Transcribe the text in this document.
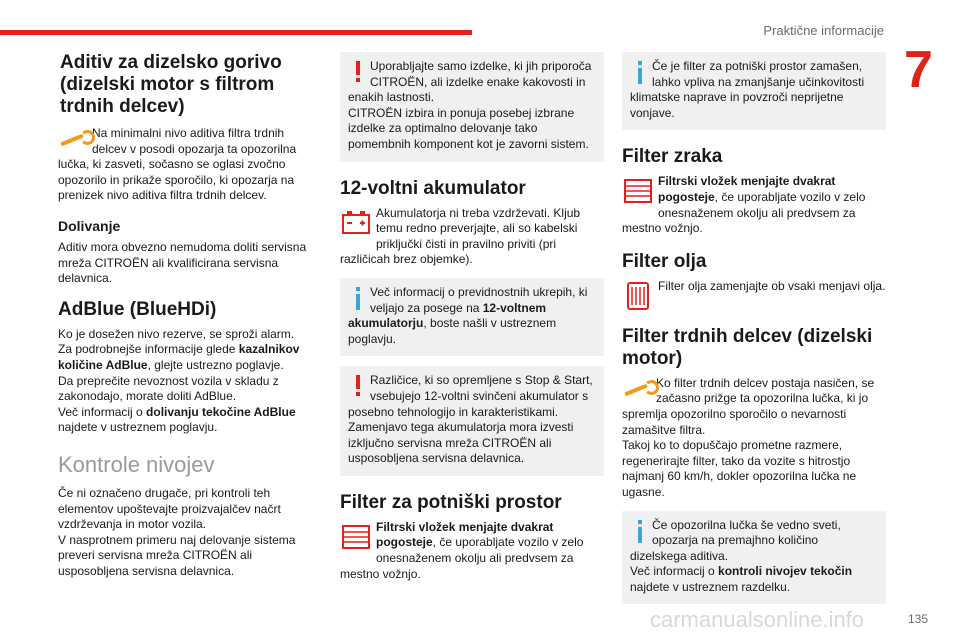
Praktične informacije
7
Aditiv za dizelsko gorivo (dizelski motor s filtrom trdnih delcev)

Na minimalni nivo aditiva filtra trdnih delcev v posodi opozarja ta opozorilna lučka, ki zasveti, sočasno se oglasi zvočno opozorilo in prikaže sporočilo, ki opozarja na prenizek nivo aditiva filtra trdnih delcev.

Dolivanje

Aditiv mora obvezno nemudoma doliti servisna mreža CITROËN ali kvalificirana servisna delavnica.

AdBlue (BlueHDi)

Ko je dosežen nivo rezerve, se sproži alarm.

Za podrobnejše informacije glede kazalnikov količine AdBlue, glejte ustrezno poglavje.

Da preprečite nevoznost vozila v skladu z zakonodajo, morate doliti AdBlue.

Več informacij o dolivanju tekočine AdBlue najdete v ustreznem poglavju.

Kontrole nivojev

Če ni označeno drugače, pri kontroli teh elementov upoštevajte proizvajalčev načrt vzdrževanja in motor vozila.

V nasprotnem primeru naj delovanje sistema preveri servisna mreža CITROËN ali usposobljena servisna delavnica.

Uporabljajte samo izdelke, ki jih priporoča CITROËN, ali izdelke enake kakovosti in enakih lastnosti.

CITROËN izbira in ponuja posebej izbrane izdelke za optimalno delovanje tako pomembnih komponent kot je zavorni sistem.

12-voltni akumulator

Akumulatorja ni treba vzdrževati. Kljub temu redno preverjajte, ali so kabelski priključki čisti in pravilno priviti (pri različicah brez objemke).

Več informacij o previdnostnih ukrepih, ki veljajo za posege na 12-voltnem akumulatorju, boste našli v ustreznem poglavju.

Različice, ki so opremljene s Stop & Start, vsebujejo 12-voltni svinčeni akumulator s posebno tehnologijo in karakteristikami.

Zamenjavo tega akumulatorja mora izvesti izključno servisna mreža CITROËN ali usposobljena servisna delavnica.

Filter za potniški prostor

Filtrski vložek menjajte dvakrat pogosteje, če uporabljate vozilo v zelo onesnaženem okolju ali predvsem za mestno vožnjo.

Če je filter za potniški prostor zamašen, lahko vpliva na zmanjšanje učinkovitosti klimatske naprave in povzroči neprijetne vonjave.

Filter zraka

Filtrski vložek menjajte dvakrat pogosteje, če uporabljate vozilo v zelo onesnaženem okolju ali predvsem za mestno vožnjo.

Filter olja

Filter olja zamenjajte ob vsaki menjavi olja.

Filter trdnih delcev (dizelski motor)

Ko filter trdnih delcev postaja nasičen, se začasno prižge ta opozorilna lučka, ki jo spremlja opozorilno sporočilo o nevarnosti zamašitve filtra.

Takoj ko to dopuščajo prometne razmere, regenerirajte filter, tako da vozite s hitrostjo najmanj 60 km/h, dokler opozorilna lučka ne ugasne.

Če opozorilna lučka še vedno sveti, opozarja na premajhno količino dizelskega aditiva.

Več informacij o kontroli nivojev tekočin najdete v ustreznem razdelku.

carmanualsonline.info	135
